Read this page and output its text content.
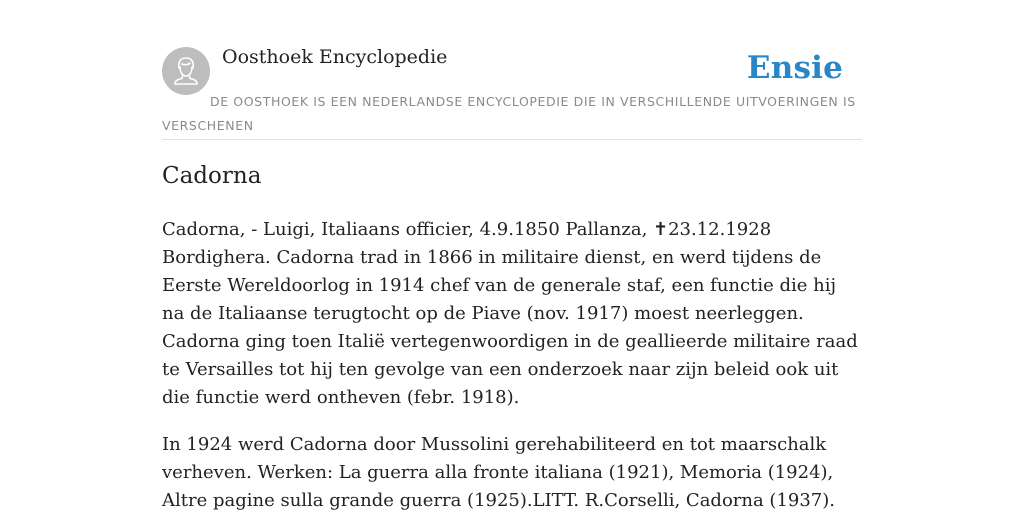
Oosthoek Encyclopedie	Ensie
DE OOSTHOEK IS EEN NEDERLANDSE ENCYCLOPEDIE DIE IN VERSCHILLENDE UITVOERINGEN IS VERSCHENEN
Cadorna

Cadorna, - Luigi, Italiaans officier, 4.9.1850 Pallanza, ✝23.12.1928 Bordighera. Cadorna trad in 1866 in militaire dienst, en werd tijdens de Eerste Wereldoorlog in 1914 chef van de generale staf, een functie die hij na de Italiaanse terugtocht op de Piave (nov. 1917) moest neerleggen. Cadorna ging toen Italië vertegenwoordigen in de geallieerde militaire raad te Versailles tot hij ten gevolge van een onderzoek naar zijn beleid ook uit die functie werd ontheven (febr. 1918).

In 1924 werd Cadorna door Mussolini gerehabiliteerd en tot maarschalk verheven. Werken: La guerra alla fronte italiana (1921), Memoria (1924), Altre pagine sulla grande guerra (1925).LITT. R.Corselli, Cadorna (1937).
